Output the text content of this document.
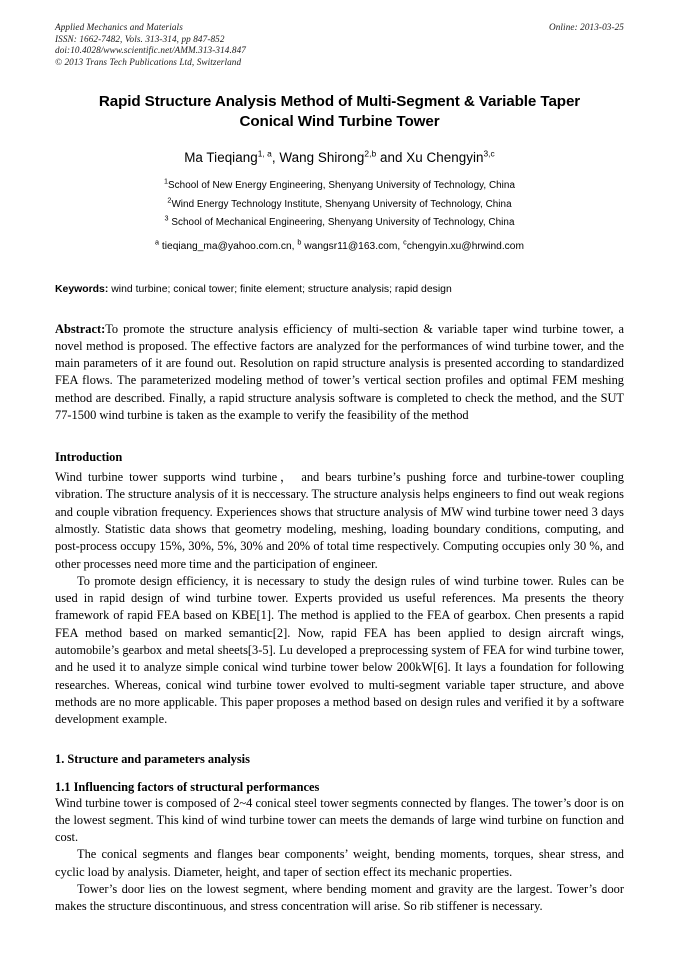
Applied Mechanics and Materials
ISSN: 1662-7482, Vols. 313-314, pp 847-852
doi:10.4028/www.scientific.net/AMM.313-314.847
© 2013 Trans Tech Publications Ltd, Switzerland
Online: 2013-03-25
Rapid Structure Analysis Method of Multi-Segment & Variable Taper Conical Wind Turbine Tower
Ma Tieqiang$^{1, a}$, Wang Shirong$^{2,b}$ and Xu Chengyin$^{3,c}$
$^1$School of New Energy Engineering, Shenyang University of Technology, China
$^2$Wind Energy Technology Institute, Shenyang University of Technology, China
$^3$ School of Mechanical Engineering, Shenyang University of Technology, China
$^a$ tieqiang_ma@yahoo.com.cn, $^b$ wangsr11@163.com, $^c$chengyin.xu@hrwind.com
Keywords: wind turbine; conical tower; finite element; structure analysis; rapid design
Abstract:To promote the structure analysis efficiency of multi-section & variable taper wind turbine tower, a novel method is proposed. The effective factors are analyzed for the performances of wind turbine tower, and the main parameters of it are found out. Resolution on rapid structure analysis is presented according to standardized FEA flows. The parameterized modeling method of tower’s vertical section profiles and optimal FEM meshing method are described. Finally, a rapid structure analysis software is completed to check the method, and the SUT 77-1500 wind turbine is taken as the example to verify the feasibility of the method
Introduction

Wind turbine tower supports wind turbine， and bears turbine’s pushing force and turbine-tower coupling vibration. The structure analysis of it is neccessary. The structure analysis helps engineers to find out weak regions and couple vibration frequency. Experiences shows that structure analysis of MW wind turbine tower need 3 days almostly. Statistic data shows that geometry modeling, meshing, loading boundary conditions, computing, and post-process occupy 15%, 30%, 5%, 30% and 20% of total time respectively. Computing occupies only 30 %, and other processes need more time and the participation of engineer.

To promote design efficiency, it is necessary to study the design rules of wind turbine tower. Rules can be used in rapid design of wind turbine tower. Experts provided us useful references. Ma presents the theory framework of rapid FEA based on KBE[1]. The method is applied to the FEA of gearbox. Chen presents a rapid FEA method based on marked semantic[2]. Now, rapid FEA has been applied to design aircraft wings, automobile’s gearbox and metal sheets[3-5]. Lu developed a preprocessing system of FEA for wind turbine tower, and he used it to analyze simple conical wind turbine tower below 200kW[6]. It lays a foundation for following researches. Whereas, conical wind turbine tower evolved to multi-segment variable taper structure, and above methods are no more applicable. This paper proposes a method based on design rules and verified it by a software development example.

1. Structure and parameters analysis
1.1 Influencing factors of structural performances

Wind turbine tower is composed of 2~4 conical steel tower segments connected by flanges. The tower’s door is on the lowest segment. This kind of wind turbine tower can meets the demands of large wind turbine on function and cost.

The conical segments and flanges bear components’ weight, bending moments, torques, shear stress, and cyclic load by analysis. Diameter, height, and taper of section effect its mechanic properties.

Tower’s door lies on the lowest segment, where bending moment and gravity are the largest. Tower’s door makes the structure discontinuous, and stress concentration will arise. So rib stiffener is necessary.
